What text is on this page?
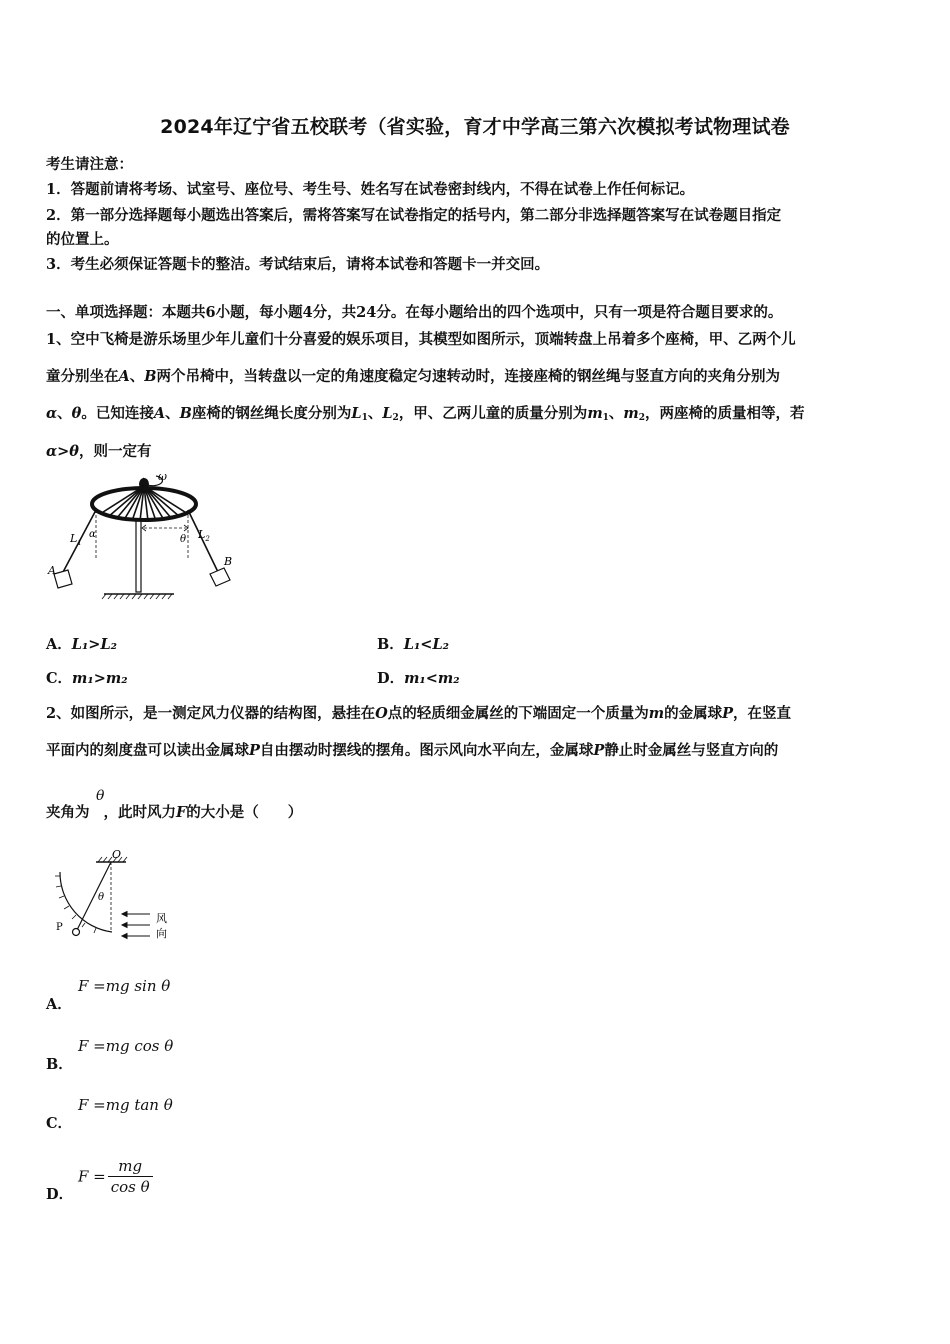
2024年辽宁省五校联考（省实验，育才中学高三第六次模拟考试物理试卷
考生请注意：
1．答题前请将考场、试室号、座位号、考生号、姓名写在试卷密封线内，不得在试卷上作任何标记。
2．第一部分选择题每小题选出答案后，需将答案写在试卷指定的括号内，第二部分非选择题答案写在试卷题目指定
的位置上。
3．考生必须保证答题卡的整洁。考试结束后，请将本试卷和答题卡一并交回。
一、单项选择题：本题共6小题，每小题4分，共24分。在每小题给出的四个选项中，只有一项是符合题目要求的。
1、空中飞椅是游乐场里少年儿童们十分喜爱的娱乐项目，其模型如图所示，顶端转盘上吊着多个座椅，甲、乙两个儿
童分别坐在A、B两个吊椅中，当转盘以一定的角速度稳定匀速转动时，连接座椅的钢丝绳与竖直方向的夹角分别为
α、θ。已知连接A、B座椅的钢丝绳长度分别为$L_1$、$L_2$，甲、乙两儿童的质量分别为$m_1$、$m_2$，两座椅的质量相等，若
α>θ，则一定有
ω
A
$L_1$
α
B
$L_2$
θ
A．L₁>L₂	B．L₁<L₂
C．m₁>m₂	D．m₁<m₂
2、如图所示，是一测定风力仪器的结构图，悬挂在O点的轻质细金属丝的下端固定一个质量为m的金属球P，在竖直
平面内的刻度盘可以读出金属球P自由摆动时摆线的摆角。图示风向水平向左，金属球P静止时金属丝与竖直方向的
θ
夹角为 ，此时风力F的大小是（　　）
O
P
θ
风
向
A．
F =mg sin θ
B．
F =mg cos θ
C．
F =mg tan θ
D．
$F = \frac{mg}{\text{cos θ}}$
